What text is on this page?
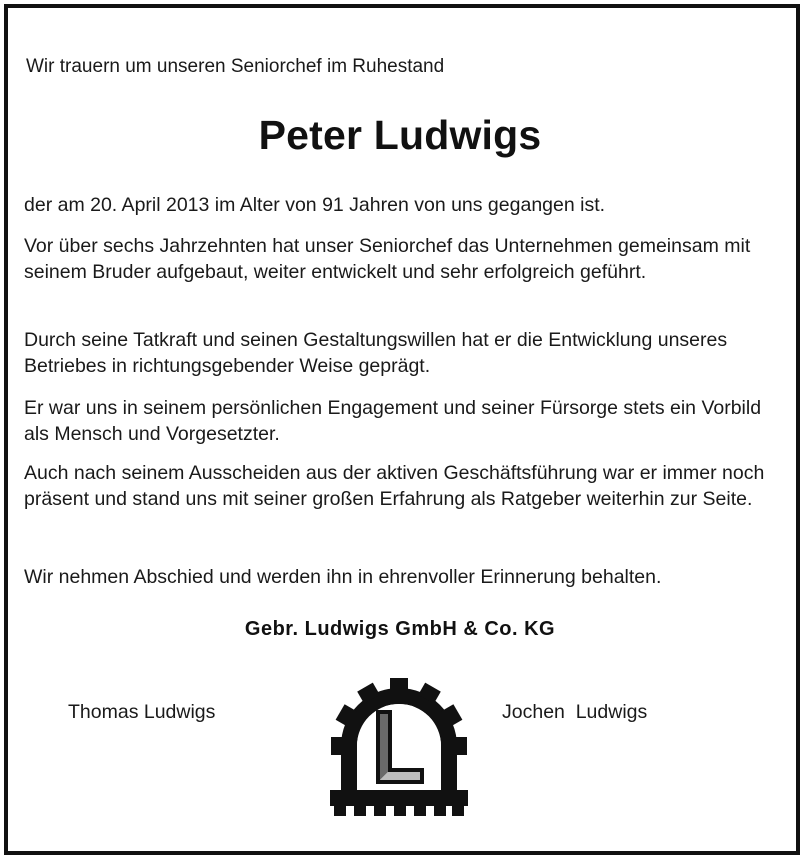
Wir trauern um unseren Seniorchef im Ruhestand
Peter Ludwigs
der am 20. April 2013 im Alter von 91 Jahren von uns gegangen ist.
Vor über sechs Jahrzehnten hat unser Seniorchef das Unternehmen gemeinsam mit seinem Bruder aufgebaut, weiter entwickelt und sehr erfolgreich geführt.
Durch seine Tatkraft und seinen Gestaltungswillen hat er die Entwicklung unseres Betriebes in richtungsgebender Weise geprägt.
Er war uns in seinem persönlichen Engagement und seiner Fürsorge stets ein Vorbild als Mensch und Vorgesetzter.
Auch nach seinem Ausscheiden aus der aktiven Geschäftsführung war er immer noch präsent und stand uns mit seiner großen Erfahrung als Ratgeber weiterhin zur Seite.
Wir nehmen Abschied und werden ihn in ehrenvoller Erinnerung behalten.
Gebr. Ludwigs GmbH & Co. KG
Thomas Ludwigs	Jochen  Ludwigs
